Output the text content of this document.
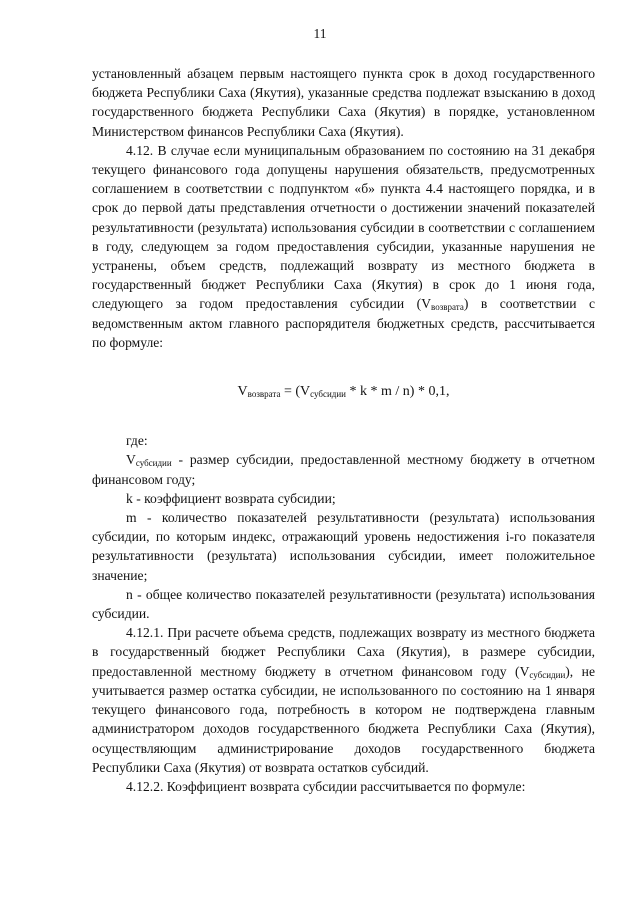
11

установленный абзацем первым настоящего пункта срок в доход государственного бюджета Республики Саха (Якутия), указанные средства подлежат взысканию в доход государственного бюджета Республики Саха (Якутия) в порядке, установленном Министерством финансов Республики Саха (Якутия).

4.12. В случае если муниципальным образованием по состоянию на 31 декабря текущего финансового года допущены нарушения обязательств, предусмотренных соглашением в соответствии с подпунктом «б» пункта 4.4 настоящего порядка, и в срок до первой даты представления отчетности о достижении значений показателей результативности (результата) использования субсидии в соответствии с соглашением в году, следующем за годом предоставления субсидии, указанные нарушения не устранены, объем средств, подлежащий возврату из местного бюджета в государственный бюджет Республики Саха (Якутия) в срок до 1 июня года, следующего за годом предоставления субсидии $(V_{возврата})$ в соответствии с ведомственным актом главного распорядителя бюджетных средств, рассчитывается по формуле:

$V_{возврата} = (V_{субсидии} * k * m / n) * 0,1$,

где:

$V_{субсидии}$ - размер субсидии, предоставленной местному бюджету в отчетном финансовом году;

k - коэффициент возврата субсидии;

m - количество показателей результативности (результата) использования субсидии, по которым индекс, отражающий уровень недостижения i-го показателя результативности (результата) использования субсидии, имеет положительное значение;

n - общее количество показателей результативности (результата) использования субсидии.

4.12.1. При расчете объема средств, подлежащих возврату из местного бюджета в государственный бюджет Республики Саха (Якутия), в размере субсидии, предоставленной местному бюджету в отчетном финансовом году $(V_{субсидии})$, не учитывается размер остатка субсидии, не использованного по состоянию на 1 января текущего финансового года, потребность в котором не подтверждена главным администратором доходов государственного бюджета Республики Саха (Якутия), осуществляющим администрирование доходов государственного бюджета Республики Саха (Якутия) от возврата остатков субсидий.

4.12.2. Коэффициент возврата субсидии рассчитывается по формуле:
